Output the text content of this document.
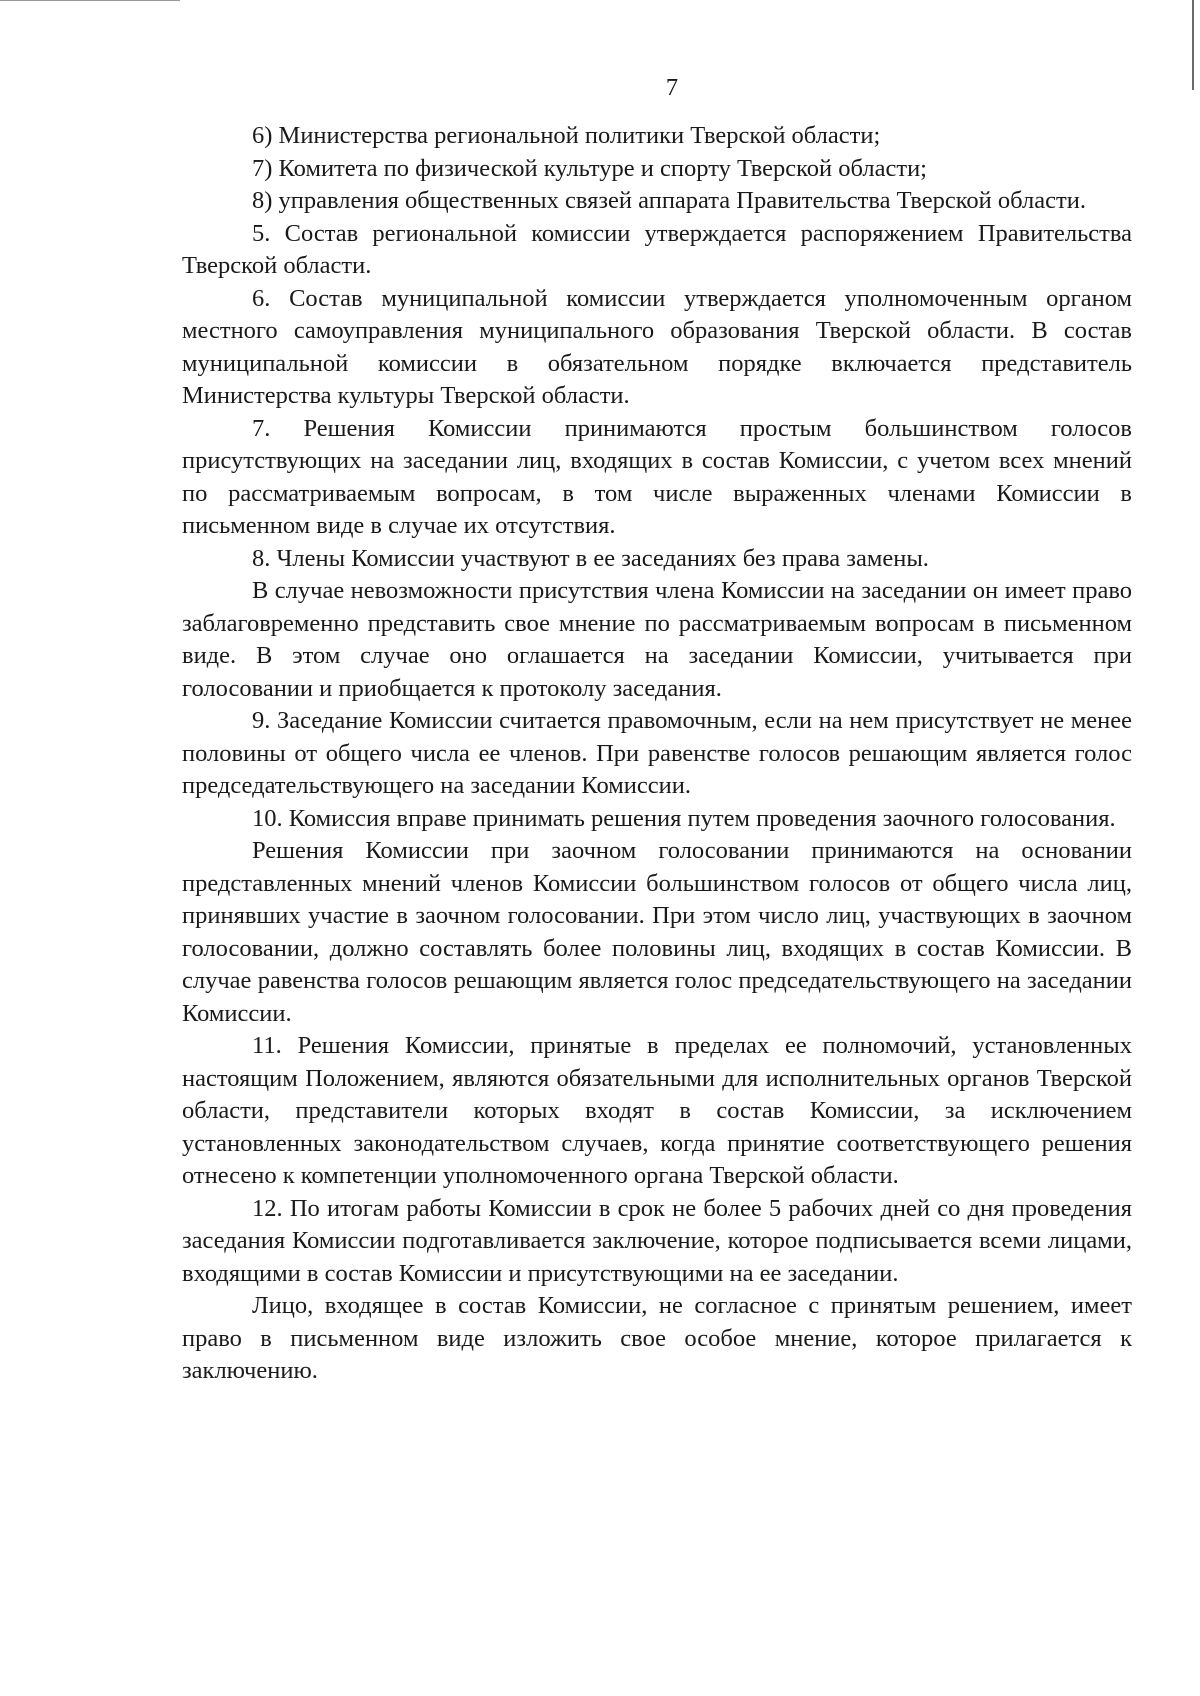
7

6) Министерства региональной политики Тверской области;

7) Комитета по физической культуре и спорту Тверской области;

8) управления общественных связей аппарата Правительства Тверской области.

5. Состав региональной комиссии утверждается распоряжением Правительства Тверской области.

6. Состав муниципальной комиссии утверждается уполномоченным органом местного самоуправления муниципального образования Тверской области. В состав муниципальной комиссии в обязательном порядке включается представитель Министерства культуры Тверской области.

7. Решения Комиссии принимаются простым большинством голосов присутствующих на заседании лиц, входящих в состав Комиссии, с учетом всех мнений по рассматриваемым вопросам, в том числе выраженных членами Комиссии в письменном виде в случае их отсутствия.

8. Члены Комиссии участвуют в ее заседаниях без права замены.

В случае невозможности присутствия члена Комиссии на заседании он имеет право заблаговременно представить свое мнение по рассматриваемым вопросам в письменном виде. В этом случае оно оглашается на заседании Комиссии, учитывается при голосовании и приобщается к протоколу заседания.

9. Заседание Комиссии считается правомочным, если на нем присутствует не менее половины от общего числа ее членов. При равенстве голосов решающим является голос председательствующего на заседании Комиссии.

10. Комиссия вправе принимать решения путем проведения заочного голосования.

Решения Комиссии при заочном голосовании принимаются на основании представленных мнений членов Комиссии большинством голосов от общего числа лиц, принявших участие в заочном голосовании. При этом число лиц, участвующих в заочном голосовании, должно составлять более половины лиц, входящих в состав Комиссии. В случае равенства голосов решающим является голос председательствующего на заседании Комиссии.

11. Решения Комиссии, принятые в пределах ее полномочий, установленных настоящим Положением, являются обязательными для исполнительных органов Тверской области, представители которых входят в состав Комиссии, за исключением установленных законодательством случаев, когда принятие соответствующего решения отнесено к компетенции уполномоченного органа Тверской области.

12. По итогам работы Комиссии в срок не более 5 рабочих дней со дня проведения заседания Комиссии подготавливается заключение, которое подписывается всеми лицами, входящими в состав Комиссии и присутствующими на ее заседании.

Лицо, входящее в состав Комиссии, не согласное с принятым решением, имеет право в письменном виде изложить свое особое мнение, которое прилагается к заключению.
